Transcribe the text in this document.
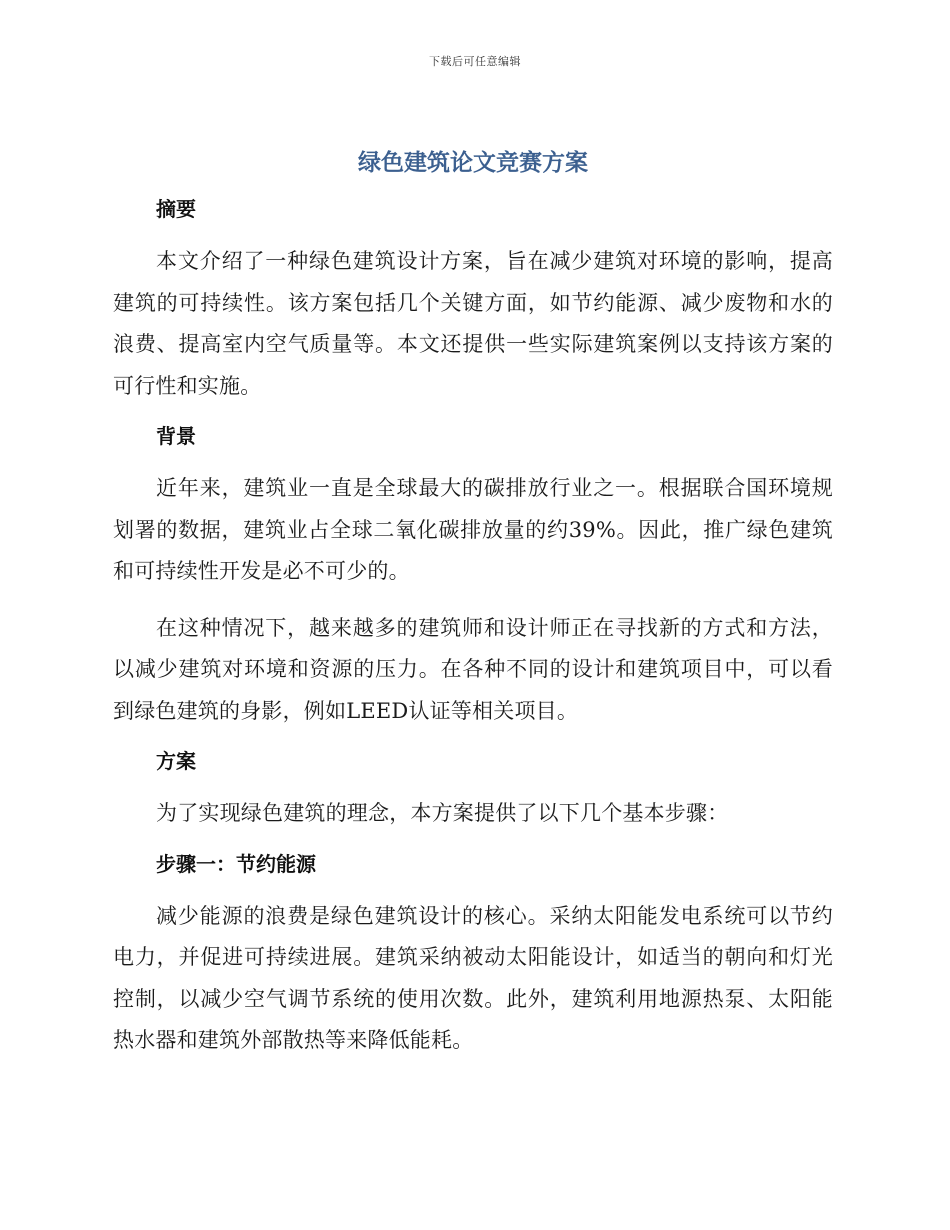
下载后可任意编辑
绿色建筑论文竞赛方案
摘要

本文介绍了一种绿色建筑设计方案，旨在减少建筑对环境的影响，提高建筑的可持续性。该方案包括几个关键方面，如节约能源、减少废物和水的浪费、提高室内空气质量等。本文还提供一些实际建筑案例以支持该方案的可行性和实施。

背景

近年来，建筑业一直是全球最大的碳排放行业之一。根据联合国环境规划署的数据，建筑业占全球二氧化碳排放量的约39%。因此，推广绿色建筑和可持续性开发是必不可少的。

在这种情况下，越来越多的建筑师和设计师正在寻找新的方式和方法，以减少建筑对环境和资源的压力。在各种不同的设计和建筑项目中，可以看到绿色建筑的身影，例如LEED认证等相关项目。

方案

为了实现绿色建筑的理念，本方案提供了以下几个基本步骤：

步骤一：节约能源

减少能源的浪费是绿色建筑设计的核心。采纳太阳能发电系统可以节约电力，并促进可持续进展。建筑采纳被动太阳能设计，如适当的朝向和灯光控制，以减少空气调节系统的使用次数。此外，建筑利用地源热泵、太阳能热水器和建筑外部散热等来降低能耗。
